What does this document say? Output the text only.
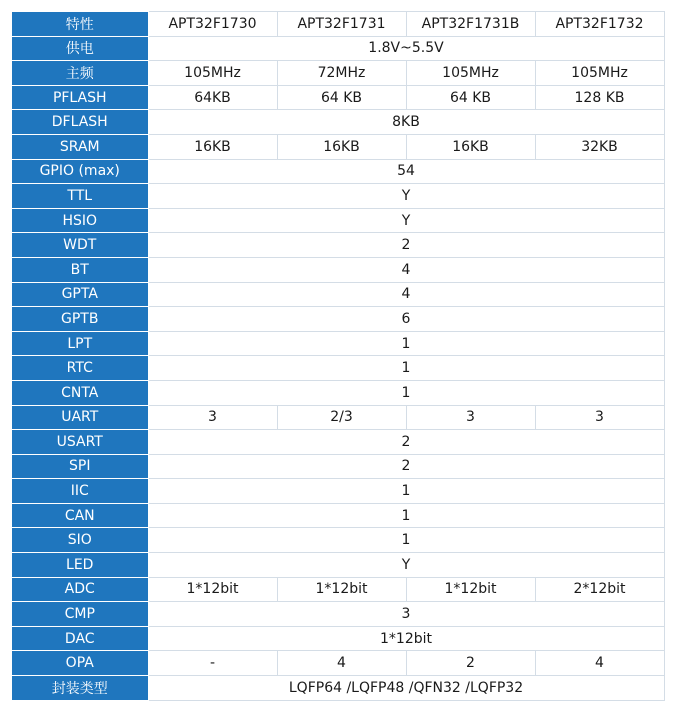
特性	APT32F1730	APT32F1731	APT32F1731B	APT32F1732
供电	1.8V~5.5V			
主频	105MHz	72MHz	105MHz	105MHz
PFLASH	64KB	64 KB	64 KB	128 KB
DFLASH	8KB			
SRAM	16KB	16KB	16KB	32KB
GPIO (max)	54			
TTL	Y			
HSIO	Y			
WDT	2			
BT	4			
GPTA	4			
GPTB	6			
LPT	1			
RTC	1			
CNTA	1			
UART	3	2/3	3	3
USART	2			
SPI	2			
IIC	1			
CAN	1			
SIO	1			
LED	Y			
ADC	1*12bit	1*12bit	1*12bit	2*12bit
CMP	3			
DAC	1*12bit			
OPA	-	4	2	4
封装类型	LQFP64 /LQFP48 /QFN32 /LQFP32			
